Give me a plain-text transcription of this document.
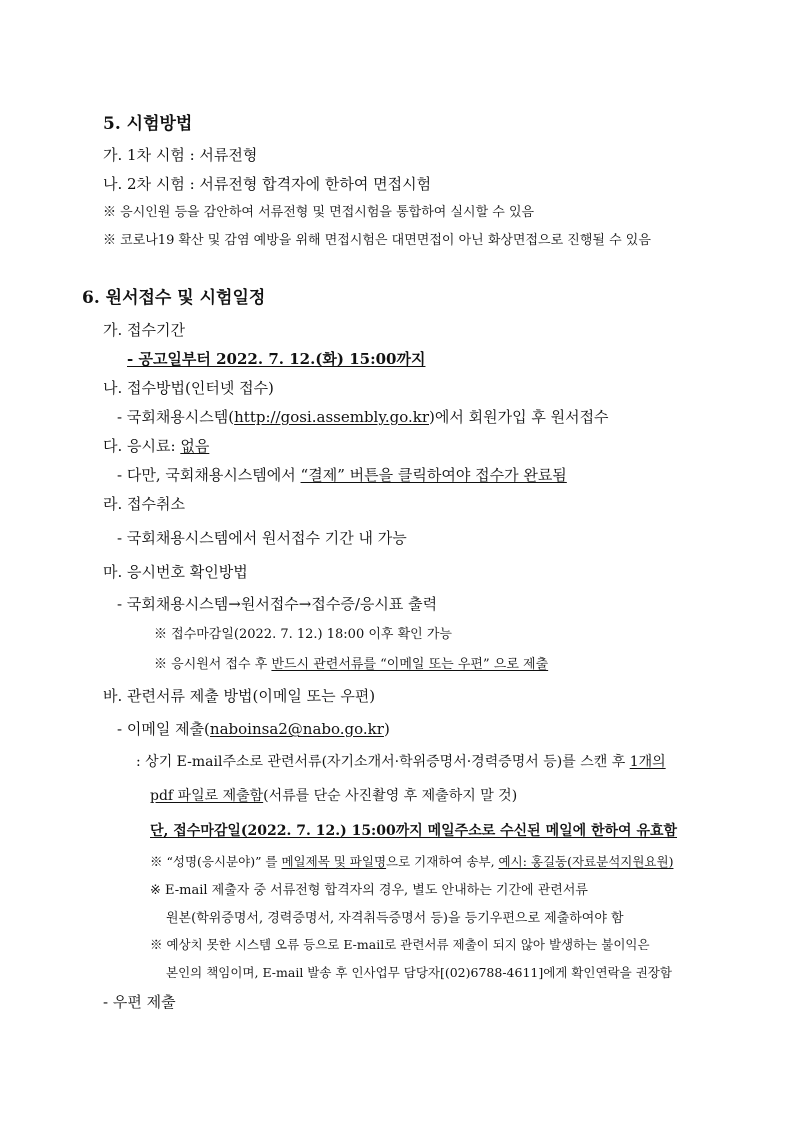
5. 시험방법
가. 1차 시험 : 서류전형
나. 2차 시험 : 서류전형 합격자에 한하여 면접시험
※ 응시인원 등을 감안하여 서류전형 및 면접시험을 통합하여 실시할 수 있음
※ 코로나19 확산 및 감염 예방을 위해 면접시험은 대면면접이 아닌 화상면접으로 진행될 수 있음
6. 원서접수 및 시험일정
가. 접수기간
- 공고일부터 2022. 7. 12.(화) 15:00까지
나. 접수방법(인터넷 접수)
- 국회채용시스템(http://gosi.assembly.go.kr)에서 회원가입 후 원서접수
다. 응시료: 없음
- 다만, 국회채용시스템에서 “결제” 버튼을 클릭하여야 접수가 완료됨
라. 접수취소
- 국회채용시스템에서 원서접수 기간 내 가능
마. 응시번호 확인방법
- 국회채용시스템→원서접수→접수증/응시표 출력
※ 접수마감일(2022. 7. 12.) 18:00 이후 확인 가능
※ 응시원서 접수 후 반드시 관련서류를 “이메일 또는 우편” 으로 제출
바. 관련서류 제출 방법(이메일 또는 우편)
- 이메일 제출(naboinsa2@nabo.go.kr)
: 상기 E-mail주소로 관련서류(자기소개서·학위증명서·경력증명서 등)를 스캔 후 1개의
pdf 파일로 제출함(서류를 단순 사진촬영 후 제출하지 말 것)
단, 접수마감일(2022. 7. 12.) 15:00까지 메일주소로 수신된 메일에 한하여 유효함
※ “성명(응시분야)” 를 메일제목 및 파일명으로 기재하여 송부, 예시: 홍길동(자료분석지원요원)
※ E-mail 제출자 중 서류전형 합격자의 경우, 별도 안내하는 기간에 관련서류
원본(학위증명서, 경력증명서, 자격취득증명서 등)을 등기우편으로 제출하여야 함
※ 예상치 못한 시스템 오류 등으로 E-mail로 관련서류 제출이 되지 않아 발생하는 불이익은
본인의 책임이며, E-mail 발송 후 인사업무 담당자[(02)6788-4611]에게 확인연락을 권장함
- 우편 제출
